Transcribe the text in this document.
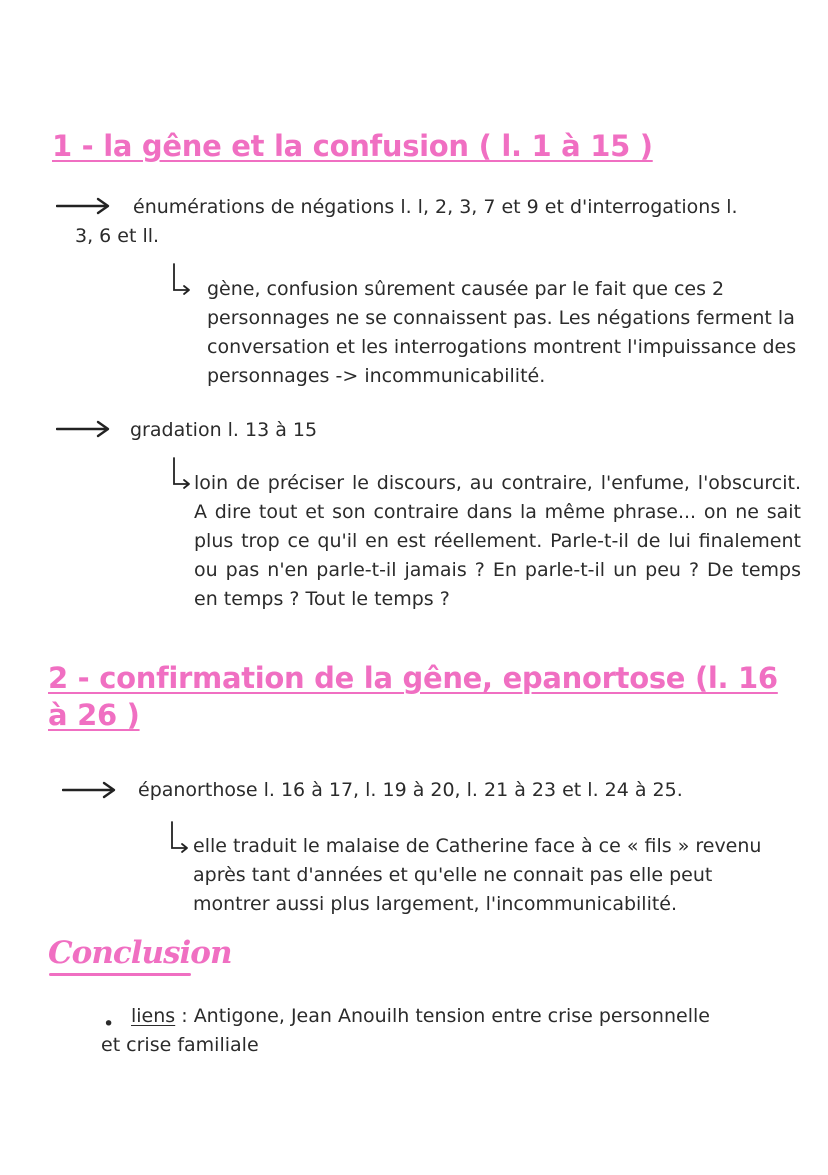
1 - la gêne et la confusion ( l. 1 à 15 )

énumérations de négations l. l, 2, 3, 7 et 9 et d'interrogations l. 3, 6 et ll.

gène, confusion sûrement causée par le fait que ces 2 personnages ne se connaissent pas. Les négations ferment la conversation et les interrogations montrent l'impuissance des personnages -> incommunicabilité.

gradation l. 13 à 15

loin de préciser le discours, au contraire, l'enfume, l'obscurcit. A dire tout et son contraire dans la même phrase... on ne sait plus trop ce qu'il en est réellement. Parle-t-il de lui finalement ou pas n'en parle-t-il jamais ? En parle-t-il un peu ? De temps en temps ? Tout le temps ?

2 - confirmation de la gêne, epanortose (l. 16
à 26 )

épanorthose l. 16 à 17, l. 19 à 20, l. 21 à 23 et l. 24 à 25.

elle traduit le malaise de Catherine face à ce « fils » revenu après tant d'années et qu'elle ne connait pas elle peut montrer aussi plus largement, l'incommunicabilité.

Conclusion
• liens : Antigone, Jean Anouilh tension entre crise personnelle et crise familiale
